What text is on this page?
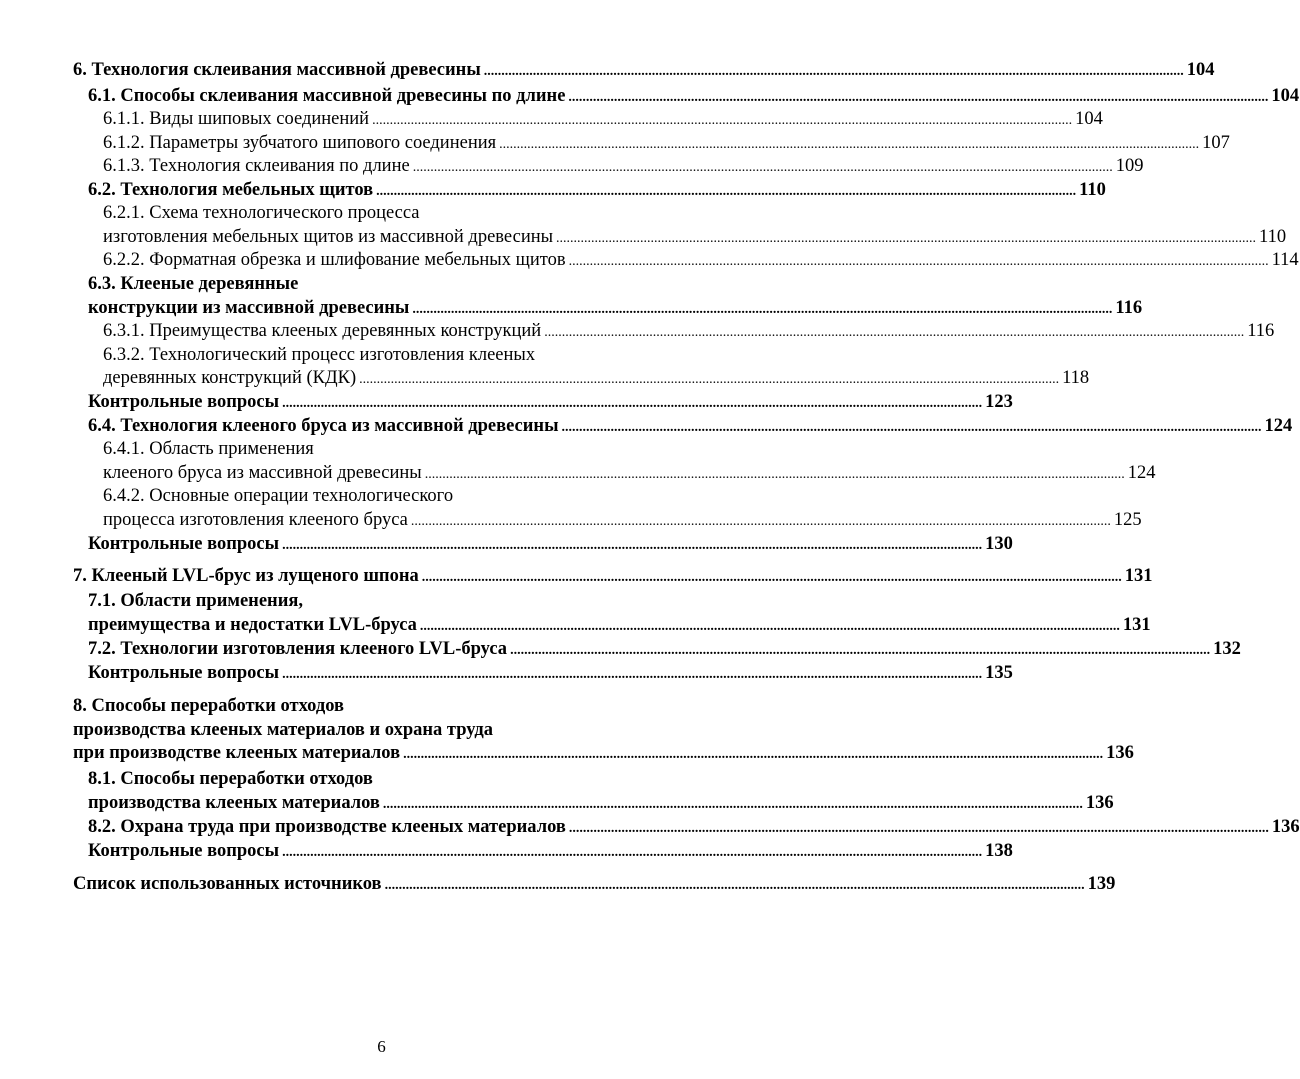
6. Технология склеивания массивной древесины ........................................................................................................................................................................................................ 104
6.1. Способы склеивания массивной древесины по длине ........................................................................................................................................................................................................ 104
6.1.1. Виды шиповых соединений ........................................................................................................................................................................................................ 104
6.1.2. Параметры зубчатого шипового соединения ........................................................................................................................................................................................................ 107
6.1.3. Технология склеивания по длине ........................................................................................................................................................................................................ 109
6.2. Технология мебельных щитов ........................................................................................................................................................................................................ 110
6.2.1. Схема технологического процесса
изготовления мебельных щитов из массивной древесины ........................................................................................................................................................................................................ 110
6.2.2. Форматная обрезка и шлифование мебельных щитов ........................................................................................................................................................................................................ 114
6.3. Клееные деревянные
конструкции из массивной древесины ........................................................................................................................................................................................................ 116
6.3.1. Преимущества клееных деревянных конструкций ........................................................................................................................................................................................................ 116
6.3.2. Технологический процесс изготовления клееных
деревянных конструкций (КДК) ........................................................................................................................................................................................................ 118
Контрольные вопросы ........................................................................................................................................................................................................ 123
6.4. Технология клееного бруса из массивной древесины ........................................................................................................................................................................................................ 124
6.4.1. Область применения
клееного бруса из массивной древесины ........................................................................................................................................................................................................ 124
6.4.2. Основные операции технологического
процесса изготовления клееного бруса ........................................................................................................................................................................................................ 125
Контрольные вопросы ........................................................................................................................................................................................................ 130
7. Клееный LVL-брус из лущеного шпона ........................................................................................................................................................................................................ 131
7.1. Области применения,
преимущества и недостатки LVL-бруса ........................................................................................................................................................................................................ 131
7.2. Технологии изготовления клееного LVL-бруса ........................................................................................................................................................................................................ 132
Контрольные вопросы ........................................................................................................................................................................................................ 135
8. Способы переработки отходов
производства клееных материалов и охрана труда
при производстве клееных материалов ........................................................................................................................................................................................................ 136
8.1. Способы переработки отходов
производства клееных материалов ........................................................................................................................................................................................................ 136
8.2. Охрана труда при производстве клееных материалов ........................................................................................................................................................................................................ 136
Контрольные вопросы ........................................................................................................................................................................................................ 138
Список использованных источников ........................................................................................................................................................................................................ 139
6
